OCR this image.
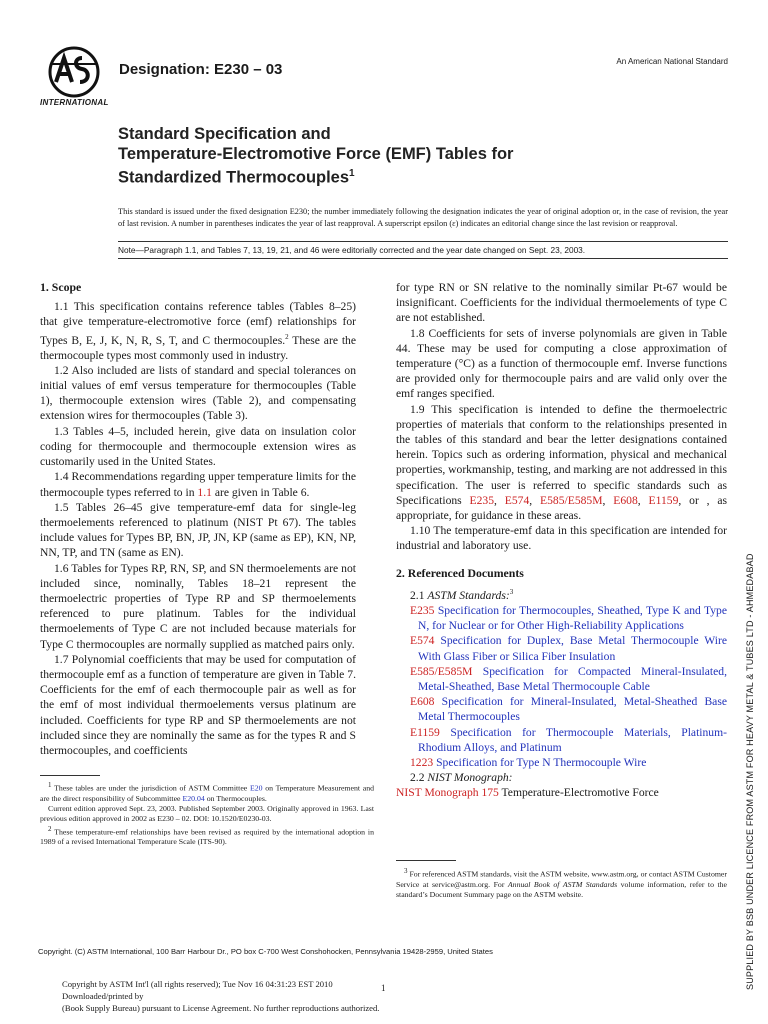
INTERNATIONAL
Designation: E230 – 03	An American National Standard
Standard Specification and
Temperature-Electromotive Force (EMF) Tables for
Standardized Thermocouples$^1$
This standard is issued under the fixed designation E230; the number immediately following the designation indicates the year of original adoption or, in the case of revision, the year of last revision. A number in parentheses indicates the year of last reapproval. A superscript epsilon (ε) indicates an editorial change since the last revision or reapproval.
Note—Paragraph 1.1, and Tables 7, 13, 19, 21, and 46 were editorially corrected and the year date changed on Sept. 23, 2003.
1. Scope

1.1 This specification contains reference tables (Tables 8–25) that give temperature-electromotive force (emf) relationships for Types B, E, J, K, N, R, S, T, and C thermocouples.$^2$ These are the thermocouple types most commonly used in industry.

1.2 Also included are lists of standard and special tolerances on initial values of emf versus temperature for thermocouples (Table 1), thermocouple extension wires (Table 2), and compensating extension wires for thermocouples (Table 3).

1.3 Tables 4–5, included herein, give data on insulation color coding for thermocouple and thermocouple extension wires as customarily used in the United States.

1.4 Recommendations regarding upper temperature limits for the thermocouple types referred to in 1.1 are given in Table 6.

1.5 Tables 26–45 give temperature-emf data for single-leg thermoelements referenced to platinum (NIST Pt 67). The tables include values for Types BP, BN, JP, JN, KP (same as EP), KN, NP, NN, TP, and TN (same as EN).

1.6 Tables for Types RP, RN, SP, and SN thermoelements are not included since, nominally, Tables 18–21 represent the thermoelectric properties of Type RP and SP thermoelements referenced to pure platinum. Tables for the individual thermoelements of Type C are not included because materials for Type C thermocouples are normally supplied as matched pairs only.

1.7 Polynomial coefficients that may be used for computation of thermocouple emf as a function of temperature are given in Table 7. Coefficients for the emf of each thermocouple pair as well as for the emf of most individual thermoelements versus platinum are included. Coefficients for type RP and SP thermoelements are not included since they are nominally the same as for the types R and S thermocouples, and coefficients

$^1$ These tables are under the jurisdiction of ASTM Committee E20 on Temperature Measurement and are the direct responsibility of Subcommittee E20.04 on Thermocouples.

Current edition approved Sept. 23, 2003. Published September 2003. Originally approved in 1963. Last previous edition approved in 2002 as E230 – 02. DOI: 10.1520/E0230-03.

$^2$ These temperature-emf relationships have been revised as required by the international adoption in 1989 of a revised International Temperature Scale (ITS-90).

for type RN or SN relative to the nominally similar Pt-67 would be insignificant. Coefficients for the individual thermoelements of type C are not established.

1.8 Coefficients for sets of inverse polynomials are given in Table 44. These may be used for computing a close approximation of temperature (°C) as a function of thermocouple emf. Inverse functions are provided only for thermocouple pairs and are valid only over the emf ranges specified.

1.9 This specification is intended to define the thermoelectric properties of materials that conform to the relationships presented in the tables of this standard and bear the letter designations contained herein. Topics such as ordering information, physical and mechanical properties, workmanship, testing, and marking are not addressed in this specification. The user is referred to specific standards such as Specifications E235, E574, E585/E585M, E608, E1159, or , as appropriate, for guidance in these areas.

1.10 The temperature-emf data in this specification are intended for industrial and laboratory use.

2. Referenced Documents

2.1 ASTM Standards:$^3$

E235 Specification for Thermocouples, Sheathed, Type K and Type N, for Nuclear or for Other High-Reliability Applications

E574 Specification for Duplex, Base Metal Thermocouple Wire With Glass Fiber or Silica Fiber Insulation

E585/E585M Specification for Compacted Mineral-Insulated, Metal-Sheathed, Base Metal Thermocouple Cable

E608 Specification for Mineral-Insulated, Metal-Sheathed Base Metal Thermocouples

E1159 Specification for Thermocouple Materials, Platinum-Rhodium Alloys, and Platinum

1223 Specification for Type N Thermocouple Wire

2.2 NIST Monograph:

NIST Monograph 175 Temperature-Electromotive Force

$^3$ For referenced ASTM standards, visit the ASTM website, www.astm.org, or contact ASTM Customer Service at service@astm.org. For Annual Book of ASTM Standards volume information, refer to the standard’s Document Summary page on the ASTM website.

Copyright. (C) ASTM International, 100 Barr Harbour Dr., PO box C-700 West Conshohocken, Pennsylvania 19428-2959, United States
Copyright by ASTM Int'l (all rights reserved); Tue Nov 16 04:31:23 EST 2010
Downloaded/printed by
(Book Supply Bureau) pursuant to License Agreement. No further reproductions authorized.
1	SUPPLIED BY BSB UNDER LICENCE FROM ASTM FOR HEAVY METAL & TUBES LTD - AHMEDABAD
